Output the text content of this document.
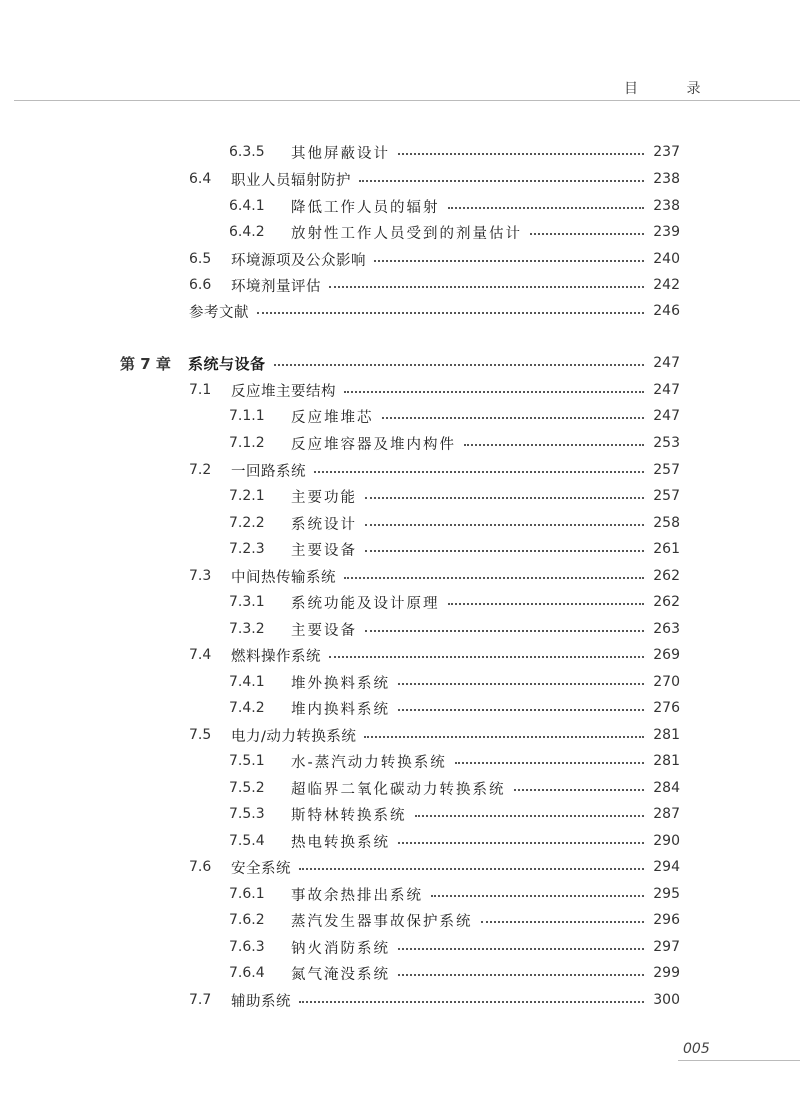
目 录
6.3.5	其他屏蔽设计	237
6.4	职业人员辐射防护	238
6.4.1	降低工作人员的辐射	238
6.4.2	放射性工作人员受到的剂量估计	239
6.5	环境源项及公众影响	240
6.6	环境剂量评估	242
参考文献	246
第 7 章	系统与设备	247
7.1	反应堆主要结构	247
7.1.1	反应堆堆芯	247
7.1.2	反应堆容器及堆内构件	253
7.2	一回路系统	257
7.2.1	主要功能	257
7.2.2	系统设计	258
7.2.3	主要设备	261
7.3	中间热传输系统	262
7.3.1	系统功能及设计原理	262
7.3.2	主要设备	263
7.4	燃料操作系统	269
7.4.1	堆外换料系统	270
7.4.2	堆内换料系统	276
7.5	电力/动力转换系统	281
7.5.1	水-蒸汽动力转换系统	281
7.5.2	超临界二氧化碳动力转换系统	284
7.5.3	斯特林转换系统	287
7.5.4	热电转换系统	290
7.6	安全系统	294
7.6.1	事故余热排出系统	295
7.6.2	蒸汽发生器事故保护系统	296
7.6.3	钠火消防系统	297
7.6.4	氮气淹没系统	299
7.7	辅助系统	300
005
